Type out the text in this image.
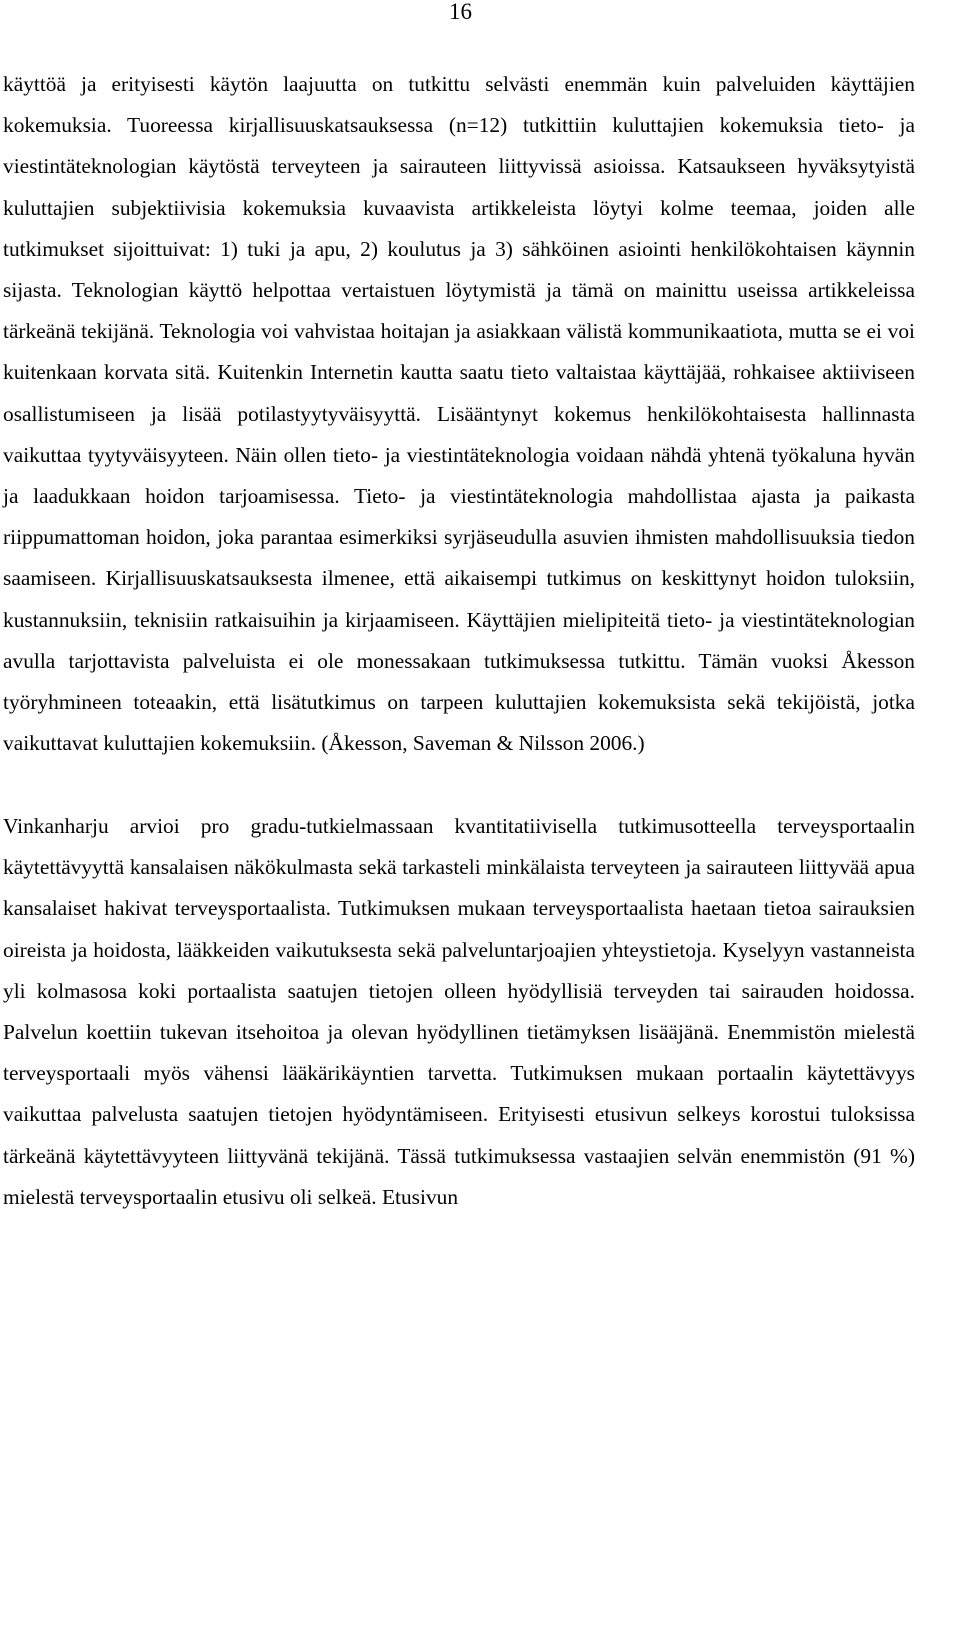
16

käyttöä ja erityisesti käytön laajuutta on tutkittu selvästi enemmän kuin palveluiden käyttäjien kokemuksia. Tuoreessa kirjallisuuskatsauksessa (n=12) tutkittiin kuluttajien kokemuksia tieto- ja viestintäteknologian käytöstä terveyteen ja sairauteen liittyvissä asioissa. Katsaukseen hyväksytyistä kuluttajien subjektiivisia kokemuksia kuvaavista artikkeleista löytyi kolme teemaa, joiden alle tutkimukset sijoittuivat: 1) tuki ja apu, 2) koulutus ja 3) sähköinen asiointi henkilökohtaisen käynnin sijasta. Teknologian käyttö helpottaa vertaistuen löytymistä ja tämä on mainittu useissa artikkeleissa tärkeänä tekijänä. Teknologia voi vahvistaa hoitajan ja asiakkaan välistä kommunikaatiota, mutta se ei voi kuitenkaan korvata sitä. Kuitenkin Internetin kautta saatu tieto valtaistaa käyttäjää, rohkaisee aktiiviseen osallistumiseen ja lisää potilastyytyväisyyttä. Lisääntynyt kokemus henkilökohtaisesta hallinnasta vaikuttaa tyytyväisyyteen. Näin ollen tieto- ja viestintäteknologia voidaan nähdä yhtenä työkaluna hyvän ja laadukkaan hoidon tarjoamisessa. Tieto- ja viestintäteknologia mahdollistaa ajasta ja paikasta riippumattoman hoidon, joka parantaa esimerkiksi syrjäseudulla asuvien ihmisten mahdollisuuksia tiedon saamiseen. Kirjallisuuskatsauksesta ilmenee, että aikaisempi tutkimus on keskittynyt hoidon tuloksiin, kustannuksiin, teknisiin ratkaisuihin ja kirjaamiseen. Käyttäjien mielipiteitä tieto- ja viestintäteknologian avulla tarjottavista palveluista ei ole monessakaan tutkimuksessa tutkittu. Tämän vuoksi Åkesson työryhmineen toteaakin, että lisätutkimus on tarpeen kuluttajien kokemuksista sekä tekijöistä, jotka vaikuttavat kuluttajien kokemuksiin. (Åkesson, Saveman & Nilsson 2006.)

Vinkanharju arvioi pro gradu-tutkielmassaan kvantitatiivisella tutkimusotteella terveysportaalin käytettävyyttä kansalaisen näkökulmasta sekä tarkasteli minkälaista terveyteen ja sairauteen liittyvää apua kansalaiset hakivat terveysportaalista. Tutkimuksen mukaan terveysportaalista haetaan tietoa sairauksien oireista ja hoidosta, lääkkeiden vaikutuksesta sekä palveluntarjoajien yhteystietoja. Kyselyyn vastanneista yli kolmasosa koki portaalista saatujen tietojen olleen hyödyllisiä terveyden tai sairauden hoidossa. Palvelun koettiin tukevan itsehoitoa ja olevan hyödyllinen tietämyksen lisääjänä. Enemmistön mielestä terveysportaali myös vähensi lääkärikäyntien tarvetta. Tutkimuksen mukaan portaalin käytettävyys vaikuttaa palvelusta saatujen tietojen hyödyntämiseen. Erityisesti etusivun selkeys korostui tuloksissa tärkeänä käytettävyyteen liittyvänä tekijänä. Tässä tutkimuksessa vastaajien selvän enemmistön (91 %) mielestä terveysportaalin etusivu oli selkeä. Etusivun
